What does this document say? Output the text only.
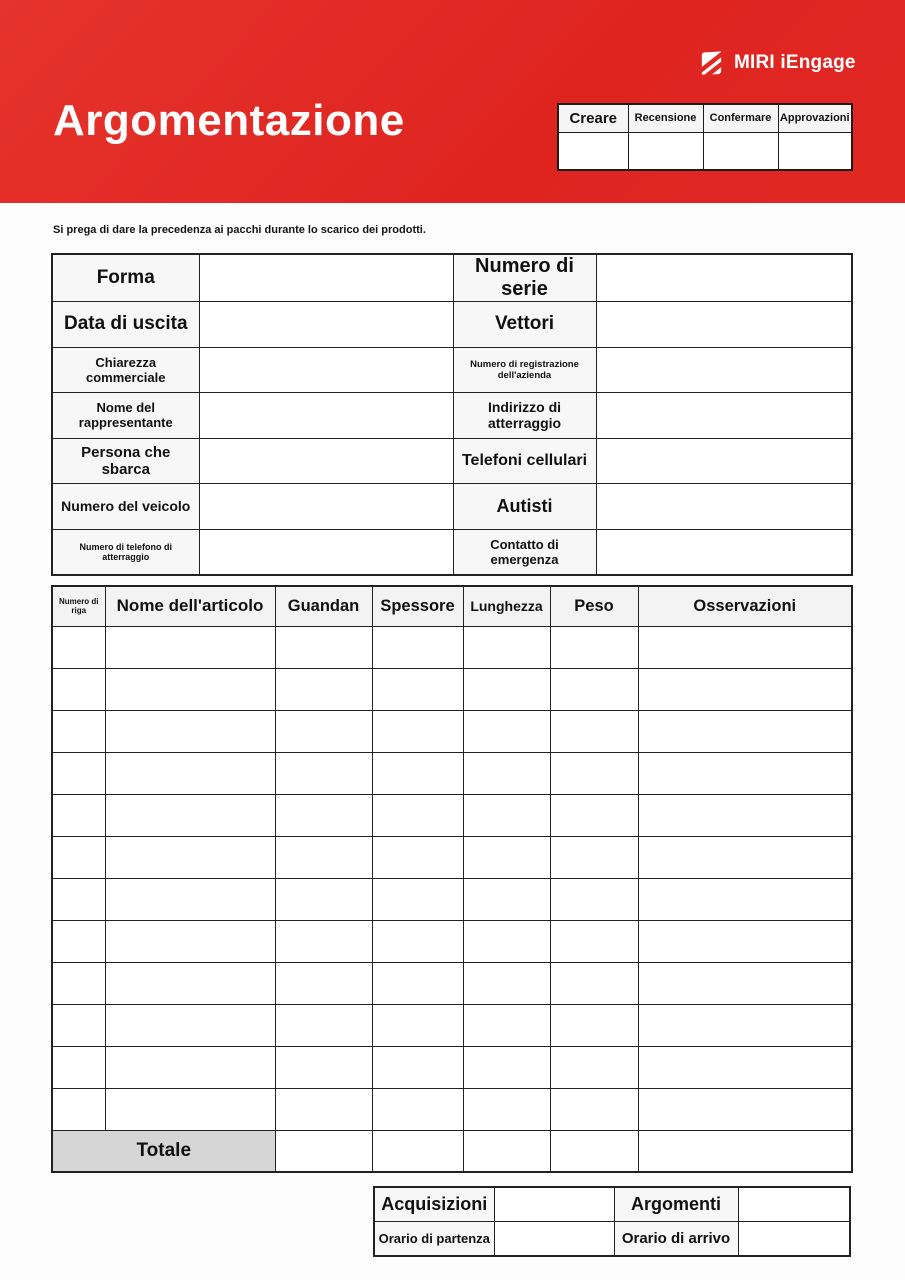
Argomentazione
MIRI iEngage
Creare	Recensione	Confermare	Approvazioni

Si prega di dare la precedenza ai pacchi durante lo scarico dei prodotti.

Forma		Numero di serie	
Data di uscita		Vettori	
Chiarezza commerciale		Numero di registrazione dell'azienda	
Nome del rappresentante		Indirizzo di atterraggio	
Persona che sbarca		Telefoni cellulari	
Numero del veicolo		Autisti	
Numero di telefono di atterraggio		Contatto di emergenza	
Numero di riga	Nome dell'articolo	Guandan	Spessore	Lunghezza	Peso	Osservazioni

Totale						
Acquisizioni		Argomenti	
Orario di partenza		Orario di arrivo	
